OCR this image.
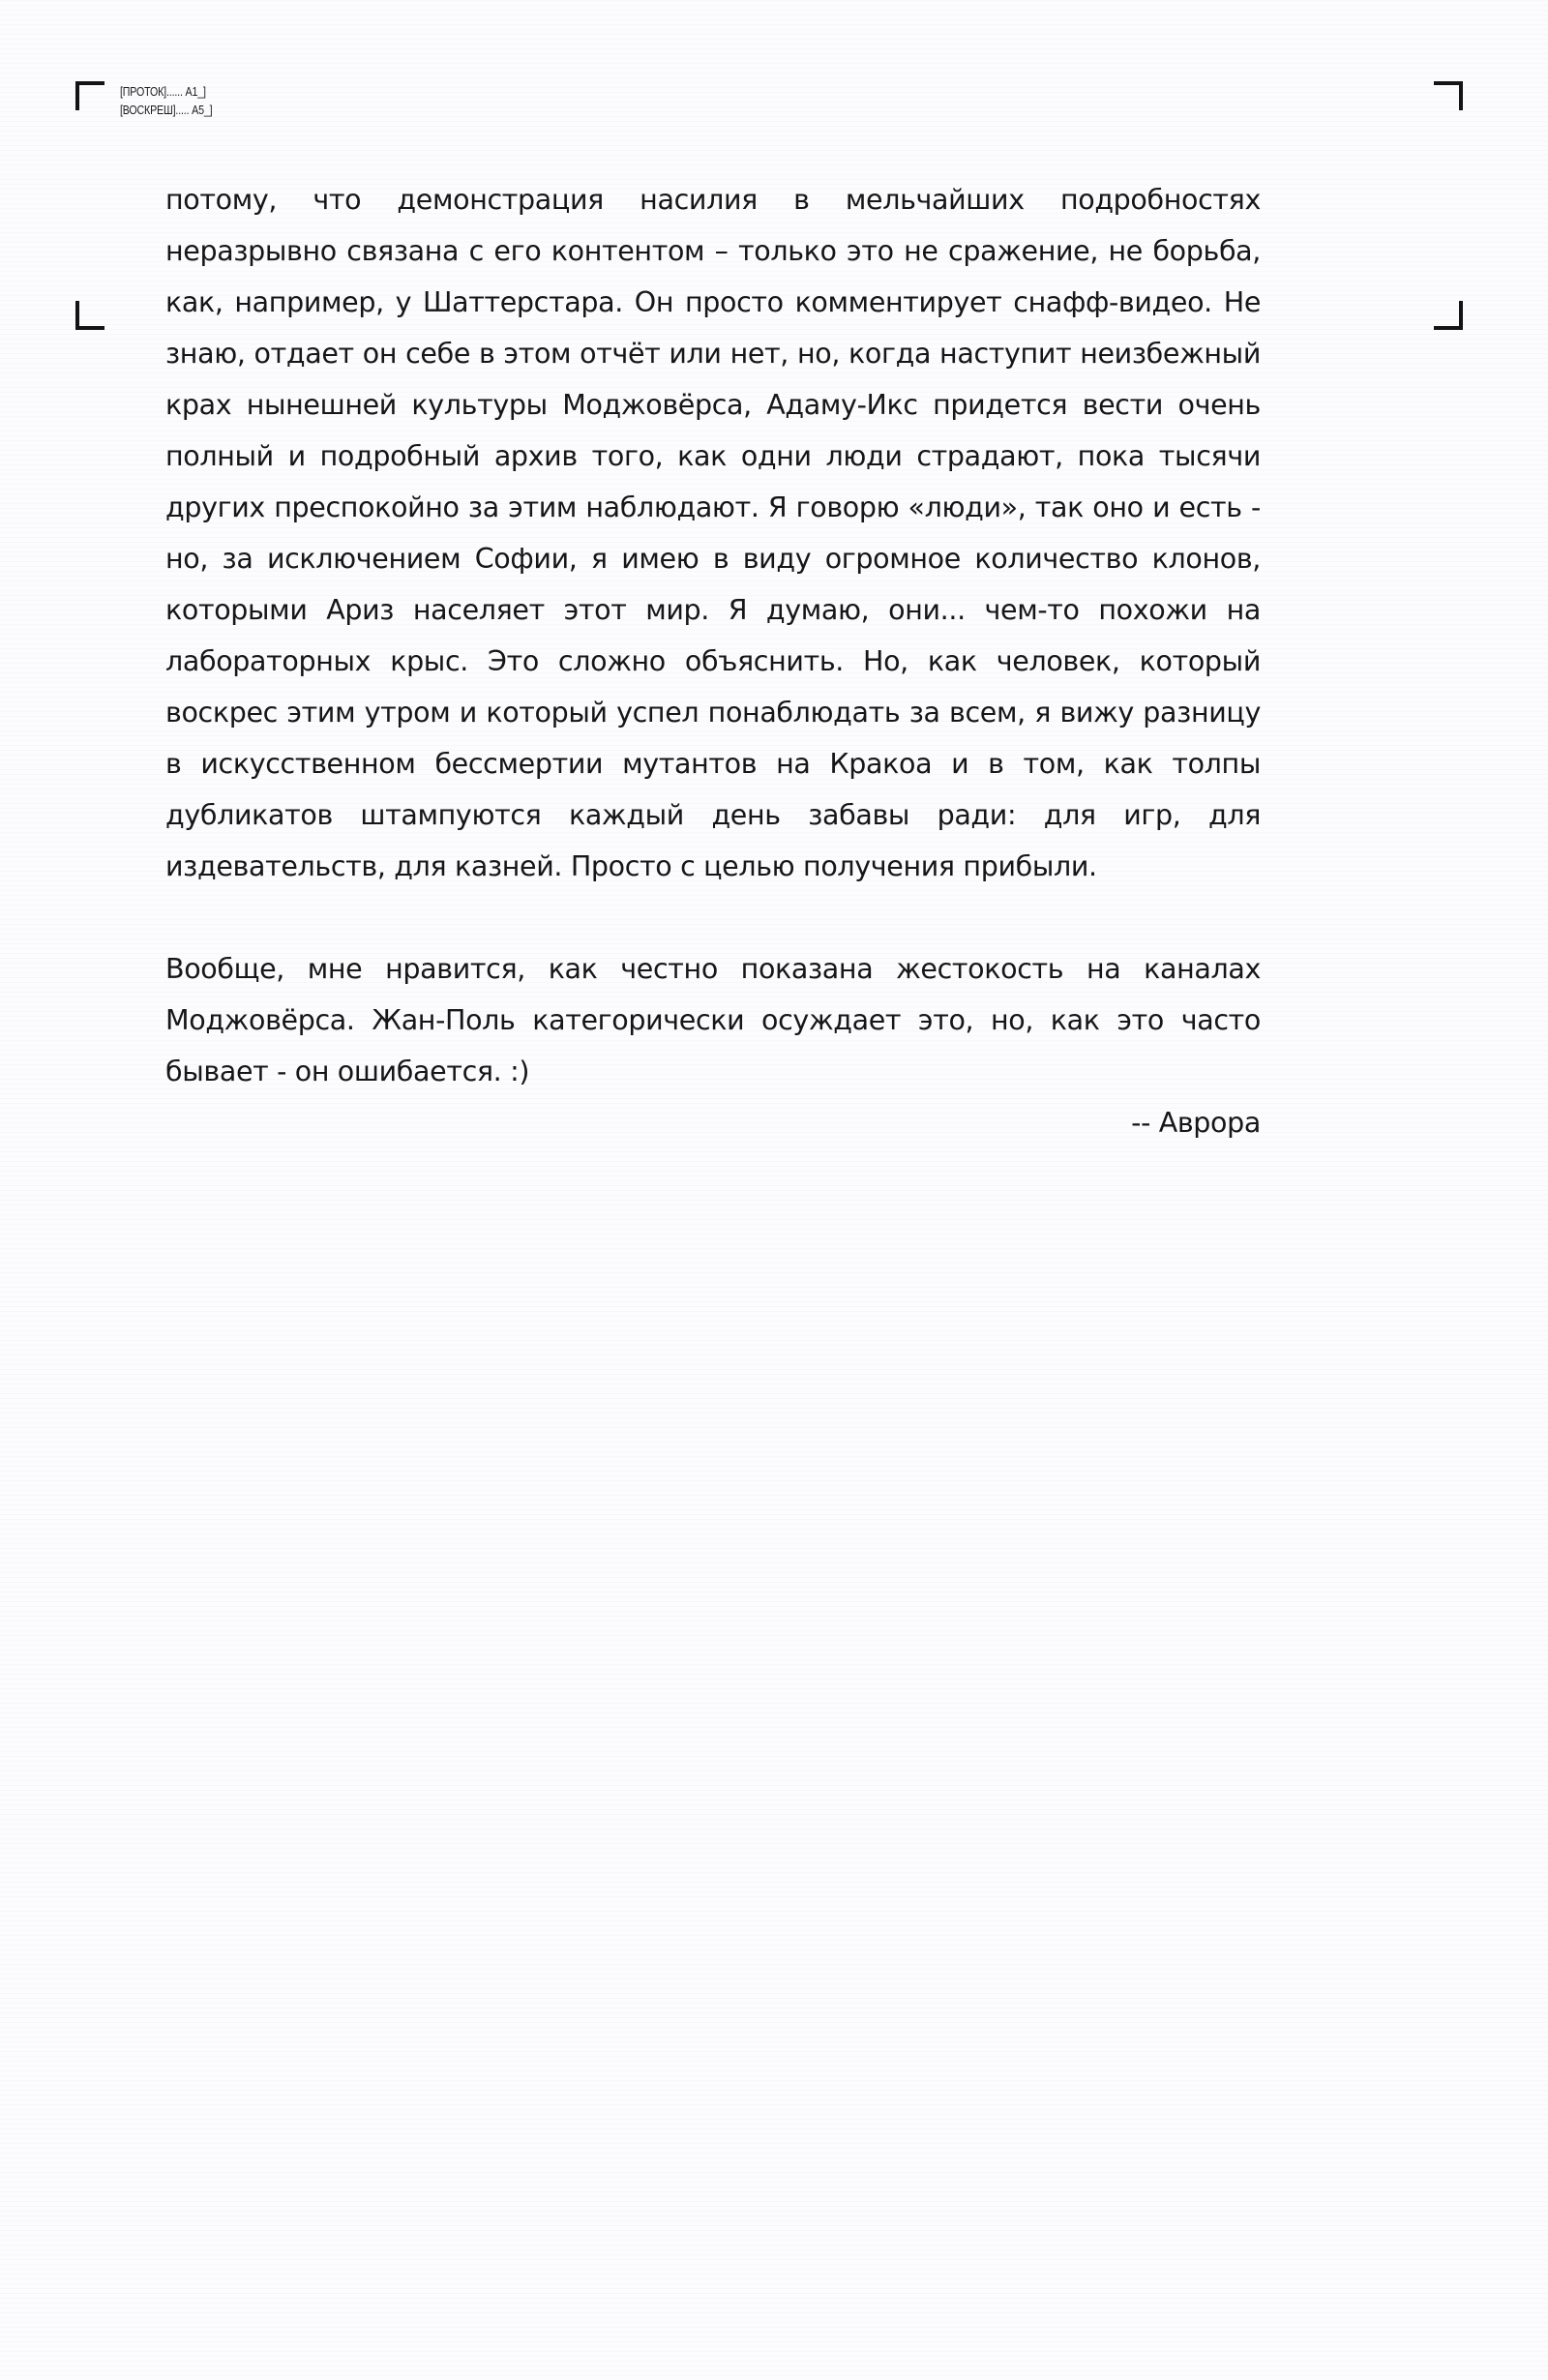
[ПРОТОК]...... А1_]
[ВОСКРЕШ]..... А5_]

потому, что демонстрация насилия в мельчайших подробностях неразрывно связана с его контентом – только это не сражение, не борьба, как, например, у Шаттерстара. Он просто комментирует снафф-видео. Не знаю, отдает он себе в этом отчёт или нет, но, когда наступит неизбежный крах нынешней культуры Моджовёрса, Адаму-Икс придется вести очень полный и подробный архив того, как одни люди страдают, пока тысячи других преспокойно за этим наблюдают. Я говорю «люди», так оно и есть - но, за исключением Софии, я имею в виду огромное количество клонов, которыми Ариз населяет этот мир. Я думаю, они... чем-то похожи на лабораторных крыс. Это сложно объяснить. Но, как человек, который воскрес этим утром и который успел понаблюдать за всем, я вижу разницу в искусственном бессмертии мутантов на Кракоа и в том, как толпы дубликатов штампуются каждый день забавы ради: для игр, для издевательств, для казней. Просто с целью получения прибыли.

Вообще, мне нравится, как честно показана жестокость на каналах Моджовёрса. Жан-Поль категорически осуждает это, но, как это часто бывает - он ошибается. :)

-- Аврора
